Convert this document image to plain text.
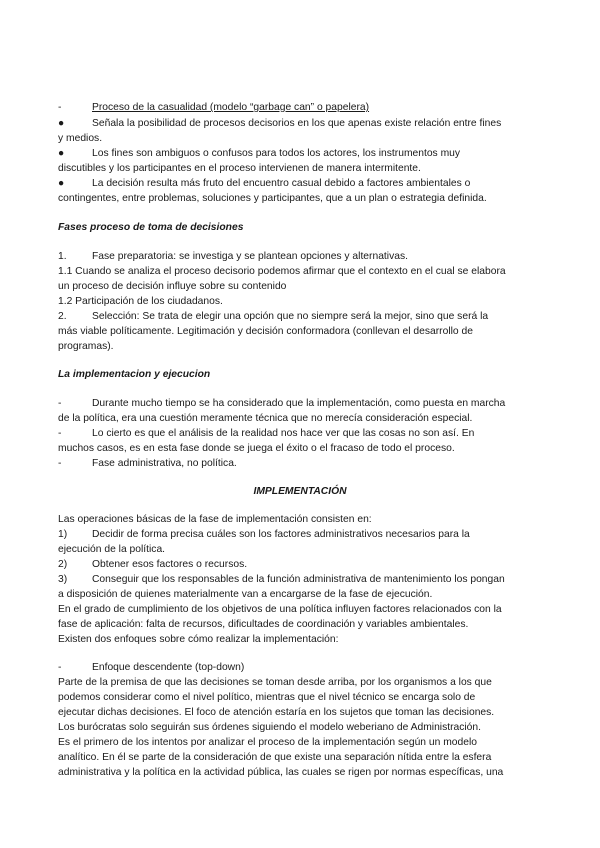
-	Proceso de la casualidad (modelo “garbage can” o papelera)
●	Señala la posibilidad de procesos decisorios en los que apenas existe relación entre fines
y medios.
●	Los fines son ambiguos o confusos para todos los actores, los instrumentos muy
discutibles y los participantes en el proceso intervienen de manera intermitente.
●	La decisión resulta más fruto del encuentro casual debido a factores ambientales o
contingentes, entre problemas, soluciones y participantes, que a un plan o estrategia definida.
Fases proceso de toma de decisiones
1. Fase preparatoria: se investiga y se plantean opciones y alternativas.
1.1 Cuando se analiza el proceso decisorio podemos afirmar que el contexto en el cual se elabora
un proceso de decisión influye sobre su contenido
1.2 Participación de los ciudadanos.
2. Selección: Se trata de elegir una opción que no siempre será la mejor, sino que será la
más viable políticamente. Legitimación y decisión conformadora (conllevan el desarrollo de
programas).
La implementacion y ejecucion
-	Durante mucho tiempo se ha considerado que la implementación, como puesta en marcha
de la política, era una cuestión meramente técnica que no merecía consideración especial.
-	Lo cierto es que el análisis de la realidad nos hace ver que las cosas no son así. En
muchos casos, es en esta fase donde se juega el éxito o el fracaso de todo el proceso.
-	Fase administrativa, no política.
IMPLEMENTACIÓN
Las operaciones básicas de la fase de implementación consisten en:
1) Decidir de forma precisa cuáles son los factores administrativos necesarios para la
ejecución de la política.
2) Obtener esos factores o recursos.
3) Conseguir que los responsables de la función administrativa de mantenimiento los pongan
a disposición de quienes materialmente van a encargarse de la fase de ejecución.
En el grado de cumplimiento de los objetivos de una política influyen factores relacionados con la
fase de aplicación: falta de recursos, dificultades de coordinación y variables ambientales.
Existen dos enfoques sobre cómo realizar la implementación:
-	Enfoque descendente (top-down)
Parte de la premisa de que las decisiones se toman desde arriba, por los organismos a los que
podemos considerar como el nivel político, mientras que el nivel técnico se encarga solo de
ejecutar dichas decisiones. El foco de atención estaría en los sujetos que toman las decisiones.
Los burócratas solo seguirán sus órdenes siguiendo el modelo weberiano de Administración.
Es el primero de los intentos por analizar el proceso de la implementación según un modelo
analítico. En él se parte de la consideración de que existe una separación nítida entre la esfera
administrativa y la política en la actividad pública, las cuales se rigen por normas específicas, una
